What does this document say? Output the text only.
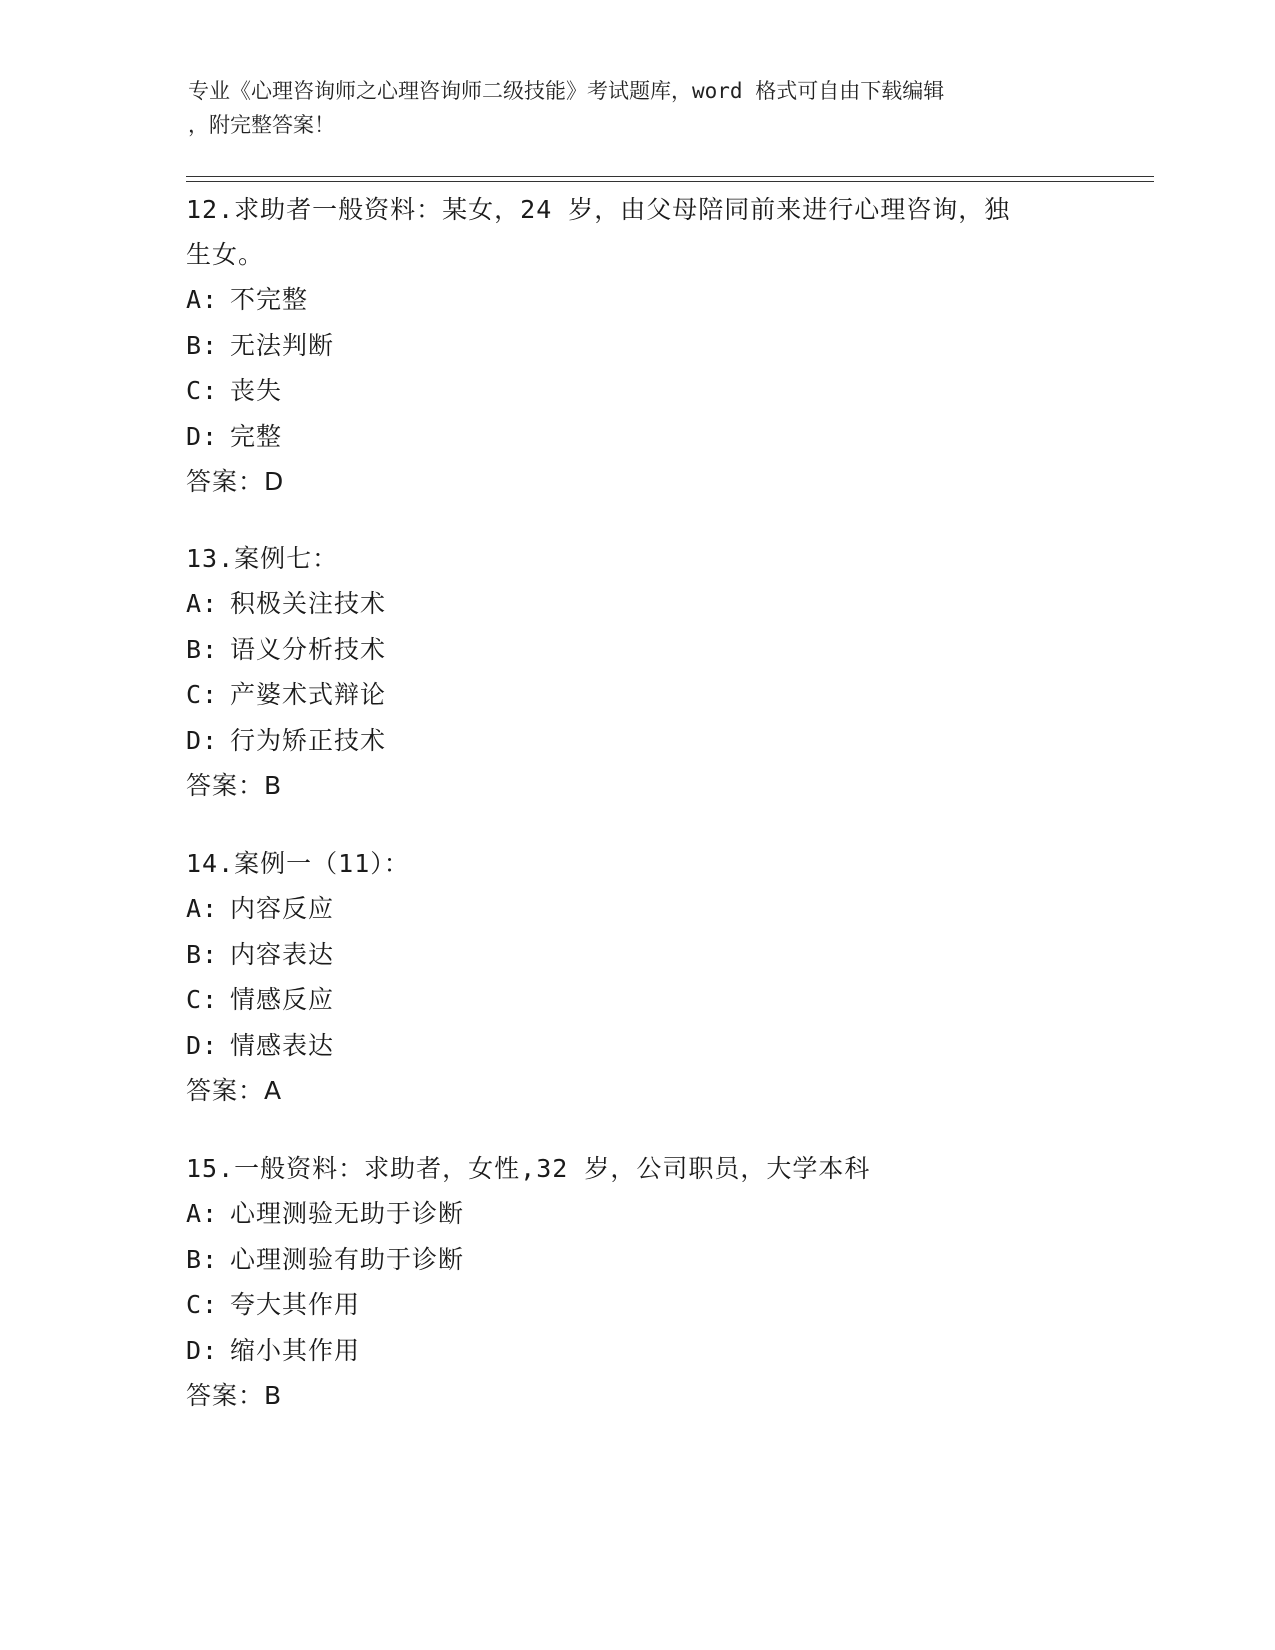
专业《心理咨询师之心理咨询师二级技能》考试题库，word 格式可自由下载编辑
，附完整答案！
12.求助者一般资料：某女，24 岁，由父母陪同前来进行心理咨询，独
生女。
A: 不完整
B: 无法判断
C: 丧失
D: 完整
答案：D
13.案例七：
A: 积极关注技术
B: 语义分析技术
C: 产婆术式辩论
D: 行为矫正技术
答案：B
14.案例一（11）：
A: 内容反应
B: 内容表达
C: 情感反应
D: 情感表达
答案：A
15.一般资料：求助者，女性,32 岁，公司职员，大学本科
A: 心理测验无助于诊断
B: 心理测验有助于诊断
C: 夸大其作用
D: 缩小其作用
答案：B
